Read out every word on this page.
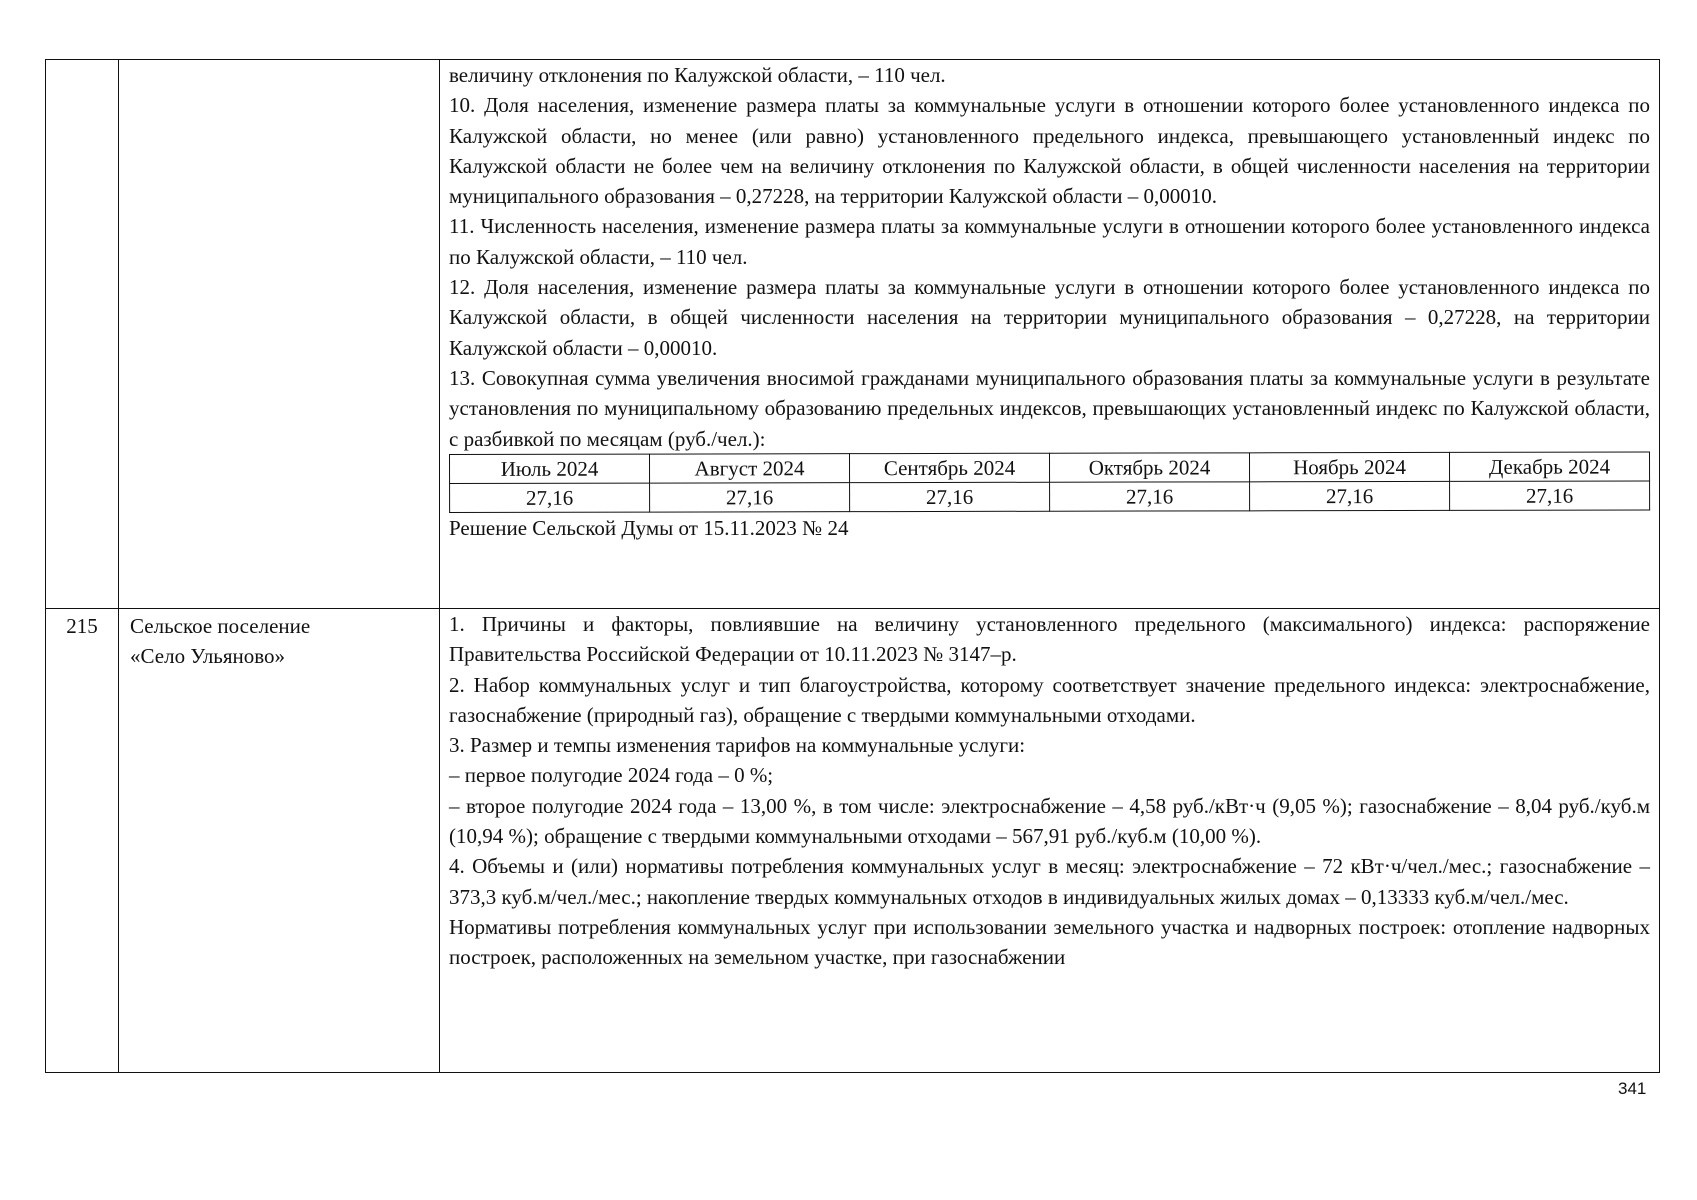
величину отклонения по Калужской области, – 110 чел.

10. Доля населения, изменение размера платы за коммунальные услуги в отношении которого более установленного индекса по Калужской области, но менее (или равно) установленного предельного индекса, превышающего установленный индекс по Калужской области не более чем на величину отклонения по Калужской области, в общей численности населения на территории муниципального образования – 0,27228, на территории Калужской области – 0,00010.

11. Численность населения, изменение размера платы за коммунальные услуги в отношении которого более установленного индекса по Калужской области, – 110 чел.

12. Доля населения, изменение размера платы за коммунальные услуги в отношении которого более установленного индекса по Калужской области, в общей численности населения на территории муниципального образования – 0,27228, на территории Калужской области – 0,00010.

13. Совокупная сумма увеличения вносимой гражданами муниципального образования платы за коммунальные услуги в результате установления по муниципальному образованию предельных индексов, превышающих установленный индекс по Калужской области, с разбивкой по месяцам (руб./чел.):

Июль 2024	Август 2024	Сентябрь 2024	Октябрь 2024	Ноябрь 2024	Декабрь 2024
27,16	27,16	27,16	27,16	27,16	27,16

Решение Сельской Думы от 15.11.2023 № 24

215	Сельское поселение
«Село Ульяново»

1. Причины и факторы, повлиявшие на величину установленного предельного (максимального) индекса: распоряжение Правительства Российской Федерации от 10.11.2023 № 3147–р.

2. Набор коммунальных услуг и тип благоустройства, которому соответствует значение предельного индекса: электроснабжение, газоснабжение (природный газ), обращение с твердыми коммунальными отходами.

3. Размер и темпы изменения тарифов на коммунальные услуги:

– первое полугодие 2024 года – 0 %;

– второе полугодие 2024 года – 13,00 %, в том числе: электроснабжение – 4,58 руб./кВт·ч (9,05 %); газоснабжение – 8,04 руб./куб.м (10,94 %); обращение с твердыми коммунальными отходами – 567,91 руб./куб.м (10,00 %).

4. Объемы и (или) нормативы потребления коммунальных услуг в месяц: электроснабжение – 72 кВт·ч/чел./мес.; газоснабжение – 373,3 куб.м/чел./мес.; накопление твердых коммунальных отходов в индивидуальных жилых домах – 0,13333 куб.м/чел./мес.

Нормативы потребления коммунальных услуг при использовании земельного участка и надворных построек: отопление надворных построек, расположенных на земельном участке, при газоснабжении

341
